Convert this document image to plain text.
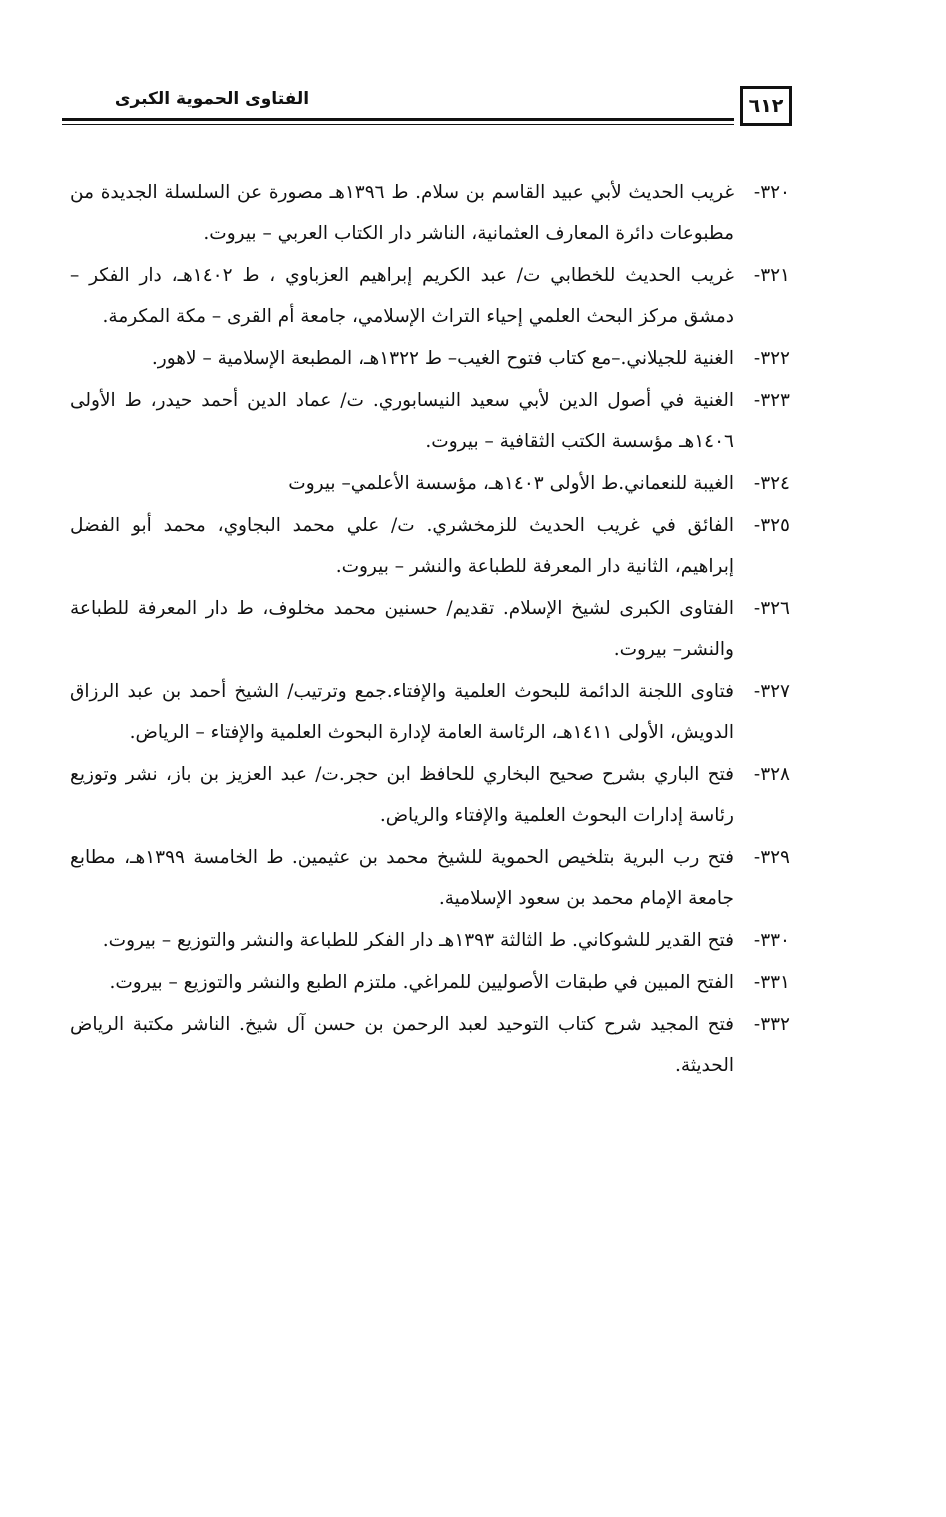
الفتاوى الحموية الكبرى	٦١٢
٣٢٠-
غريب الحديث لأبي عبيد القاسم بن سلام. ط ١٣٩٦هـ مصورة عن السلسلة الجديدة من مطبوعات دائرة المعارف العثمانية، الناشر دار الكتاب العربي – بيروت.
٣٢١-
غريب الحديث للخطابي ت/ عبد الكريم إبراهيم العزباوي ، ط ١٤٠٢هـ، دار الفكر – دمشق مركز البحث العلمي إحياء التراث الإسلامي، جامعة أم القرى – مكة المكرمة.
٣٢٢-
الغنية للجيلاني.–مع كتاب فتوح الغيب– ط ١٣٢٢هـ، المطبعة الإسلامية – لاهور.
٣٢٣-
الغنية في أصول الدين لأبي سعيد النيسابوري. ت/ عماد الدين أحمد حيدر، ط الأولى ١٤٠٦هـ مؤسسة الكتب الثقافية – بيروت.
٣٢٤-
الغيبة للنعماني.ط الأولى ١٤٠٣هـ، مؤسسة الأعلمي– بيروت
٣٢٥-
الفائق في غريب الحديث للزمخشري. ت/ علي محمد البجاوي، محمد أبو الفضل إبراهيم، الثانية دار المعرفة للطباعة والنشر – بيروت.
٣٢٦-
الفتاوى الكبرى لشيخ الإسلام. تقديم/ حسنين محمد مخلوف، ط دار المعرفة للطباعة والنشر– بيروت.
٣٢٧-
فتاوى اللجنة الدائمة للبحوث العلمية والإفتاء.جمع وترتيب/ الشيخ أحمد بن عبد الرزاق الدويش، الأولى ١٤١١هـ، الرئاسة العامة لإدارة البحوث العلمية والإفتاء – الرياض.
٣٢٨-
فتح الباري بشرح صحيح البخاري للحافظ ابن حجر.ت/ عبد العزيز بن باز، نشر وتوزيع رئاسة إدارات البحوث العلمية والإفتاء والرياض.
٣٢٩-
فتح رب البرية بتلخيص الحموية للشيخ محمد بن عثيمين. ط الخامسة ١٣٩٩هـ، مطابع جامعة الإمام محمد بن سعود الإسلامية.
٣٣٠-
فتح القدير للشوكاني. ط الثالثة ١٣٩٣هـ دار الفكر للطباعة والنشر والتوزيع – بيروت.
٣٣١-
الفتح المبين في طبقات الأصوليين للمراغي. ملتزم الطبع والنشر والتوزيع – بيروت.
٣٣٢-
فتح المجيد شرح كتاب التوحيد لعبد الرحمن بن حسن آل شيخ. الناشر مكتبة الرياض الحديثة.
